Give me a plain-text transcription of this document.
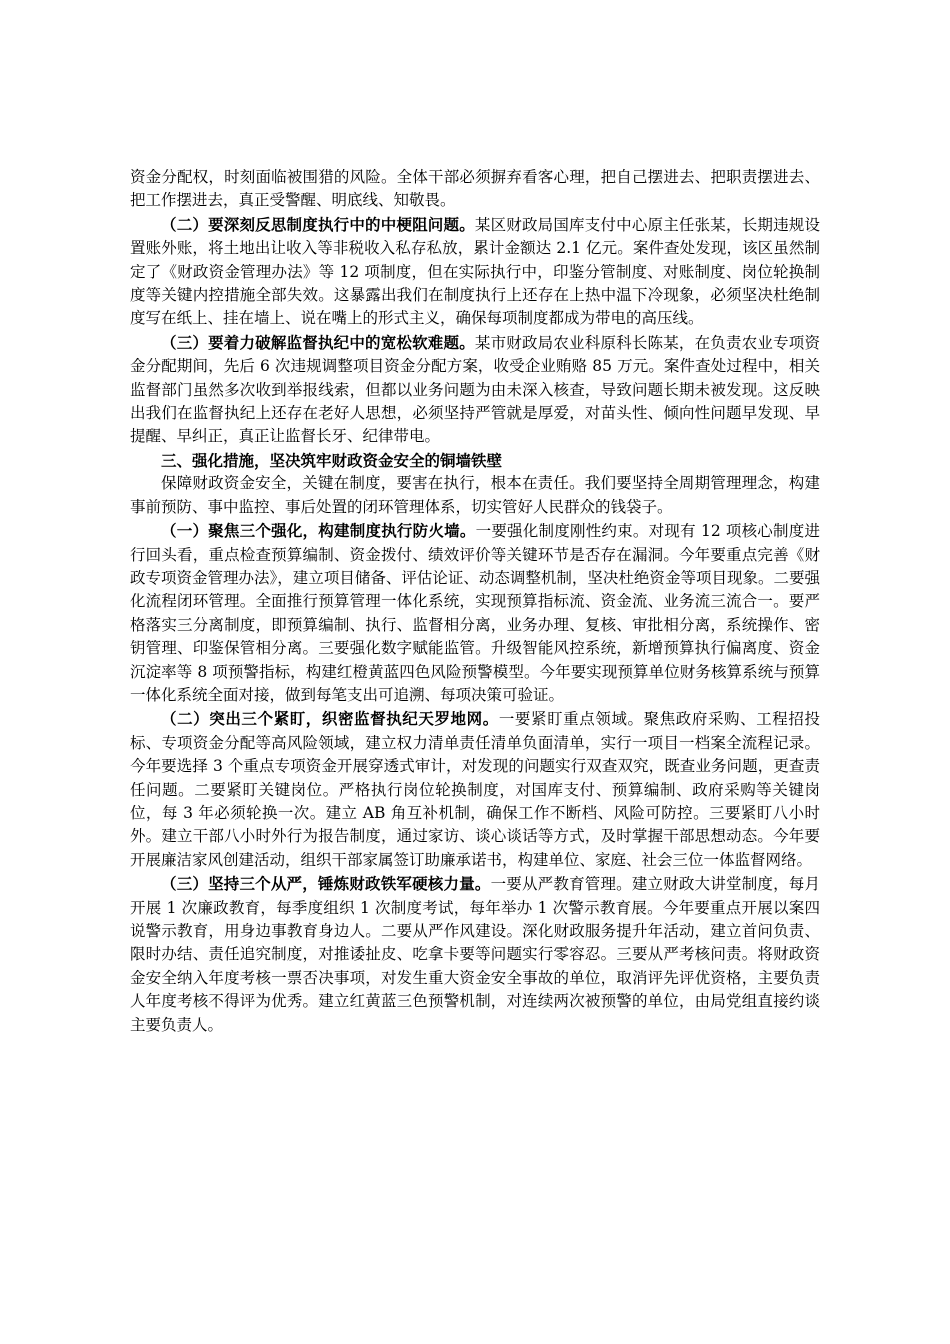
资金分配权，时刻面临被围猎的风险。全体干部必须摒弃看客心理，把自己摆进去、把职责摆进去、把工作摆进去，真正受警醒、明底线、知敬畏。

（二）要深刻反思制度执行中的中梗阻问题。某区财政局国库支付中心原主任张某，长期违规设置账外账，将土地出让收入等非税收入私存私放，累计金额达 2.1 亿元。案件查处发现，该区虽然制定了《财政资金管理办法》等 12 项制度，但在实际执行中，印鉴分管制度、对账制度、岗位轮换制度等关键内控措施全部失效。这暴露出我们在制度执行上还存在上热中温下冷现象，必须坚决杜绝制度写在纸上、挂在墙上、说在嘴上的形式主义，确保每项制度都成为带电的高压线。

（三）要着力破解监督执纪中的宽松软难题。某市财政局农业科原科长陈某，在负责农业专项资金分配期间，先后 6 次违规调整项目资金分配方案，收受企业贿赂 85 万元。案件查处过程中，相关监督部门虽然多次收到举报线索，但都以业务问题为由未深入核查，导致问题长期未被发现。这反映出我们在监督执纪上还存在老好人思想，必须坚持严管就是厚爱，对苗头性、倾向性问题早发现、早提醒、早纠正，真正让监督长牙、纪律带电。

三、强化措施，坚决筑牢财政资金安全的铜墙铁壁

保障财政资金安全，关键在制度，要害在执行，根本在责任。我们要坚持全周期管理理念，构建事前预防、事中监控、事后处置的闭环管理体系，切实管好人民群众的钱袋子。

（一）聚焦三个强化，构建制度执行防火墙。一要强化制度刚性约束。对现有 12 项核心制度进行回头看，重点检查预算编制、资金拨付、绩效评价等关键环节是否存在漏洞。今年要重点完善《财政专项资金管理办法》，建立项目储备、评估论证、动态调整机制，坚决杜绝资金等项目现象。二要强化流程闭环管理。全面推行预算管理一体化系统，实现预算指标流、资金流、业务流三流合一。要严格落实三分离制度，即预算编制、执行、监督相分离，业务办理、复核、审批相分离，系统操作、密钥管理、印鉴保管相分离。三要强化数字赋能监管。升级智能风控系统，新增预算执行偏离度、资金沉淀率等 8 项预警指标，构建红橙黄蓝四色风险预警模型。今年要实现预算单位财务核算系统与预算一体化系统全面对接，做到每笔支出可追溯、每项决策可验证。

（二）突出三个紧盯，织密监督执纪天罗地网。一要紧盯重点领域。聚焦政府采购、工程招投标、专项资金分配等高风险领域，建立权力清单责任清单负面清单，实行一项目一档案全流程记录。今年要选择 3 个重点专项资金开展穿透式审计，对发现的问题实行双查双究，既查业务问题，更查责任问题。二要紧盯关键岗位。严格执行岗位轮换制度，对国库支付、预算编制、政府采购等关键岗位，每 3 年必须轮换一次。建立 AB 角互补机制，确保工作不断档、风险可防控。三要紧盯八小时外。建立干部八小时外行为报告制度，通过家访、谈心谈话等方式，及时掌握干部思想动态。今年要开展廉洁家风创建活动，组织干部家属签订助廉承诺书，构建单位、家庭、社会三位一体监督网络。

（三）坚持三个从严，锤炼财政铁军硬核力量。一要从严教育管理。建立财政大讲堂制度，每月开展 1 次廉政教育，每季度组织 1 次制度考试，每年举办 1 次警示教育展。今年要重点开展以案四说警示教育，用身边事教育身边人。二要从严作风建设。深化财政服务提升年活动，建立首问负责、限时办结、责任追究制度，对推诿扯皮、吃拿卡要等问题实行零容忍。三要从严考核问责。将财政资金安全纳入年度考核一票否决事项，对发生重大资金安全事故的单位，取消评先评优资格，主要负责人年度考核不得评为优秀。建立红黄蓝三色预警机制，对连续两次被预警的单位，由局党组直接约谈主要负责人。
